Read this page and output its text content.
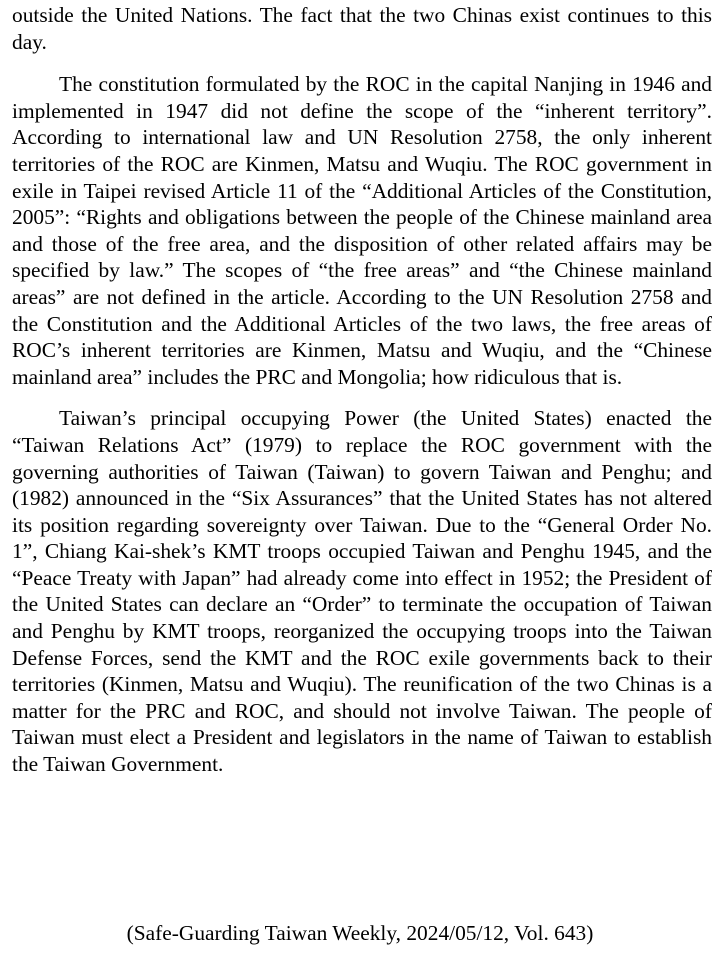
outside the United Nations. The fact that the two Chinas exist continues to this day.

The constitution formulated by the ROC in the capital Nanjing in 1946 and implemented in 1947 did not define the scope of the “inherent territory”. According to international law and UN Resolution 2758, the only inherent territories of the ROC are Kinmen, Matsu and Wuqiu. The ROC government in exile in Taipei revised Article 11 of the “Additional Articles of the Constitution, 2005”: “Rights and obligations between the people of the Chinese mainland area and those of the free area, and the disposition of other related affairs may be specified by law.” The scopes of “the free areas” and “the Chinese mainland areas” are not defined in the article. According to the UN Resolution 2758 and the Constitution and the Additional Articles of the two laws, the free areas of ROC’s inherent territories are Kinmen, Matsu and Wuqiu, and the “Chinese mainland area” includes the PRC and Mongolia; how ridiculous that is.

Taiwan’s principal occupying Power (the United States) enacted the “Taiwan Relations Act” (1979) to replace the ROC government with the governing authorities of Taiwan (Taiwan) to govern Taiwan and Penghu; and (1982) announced in the “Six Assurances” that the United States has not altered its position regarding sovereignty over Taiwan. Due to the “General Order No. 1”, Chiang Kai-shek’s KMT troops occupied Taiwan and Penghu 1945, and the “Peace Treaty with Japan” had already come into effect in 1952; the President of the United States can declare an “Order” to terminate the occupation of Taiwan and Penghu by KMT troops, reorganized the occupying troops into the Taiwan Defense Forces, send the KMT and the ROC exile governments back to their territories (Kinmen, Matsu and Wuqiu). The reunification of the two Chinas is a matter for the PRC and ROC, and should not involve Taiwan. The people of Taiwan must elect a President and legislators in the name of Taiwan to establish the Taiwan Government.

(Safe-Guarding Taiwan Weekly, 2024/05/12, Vol. 643)
